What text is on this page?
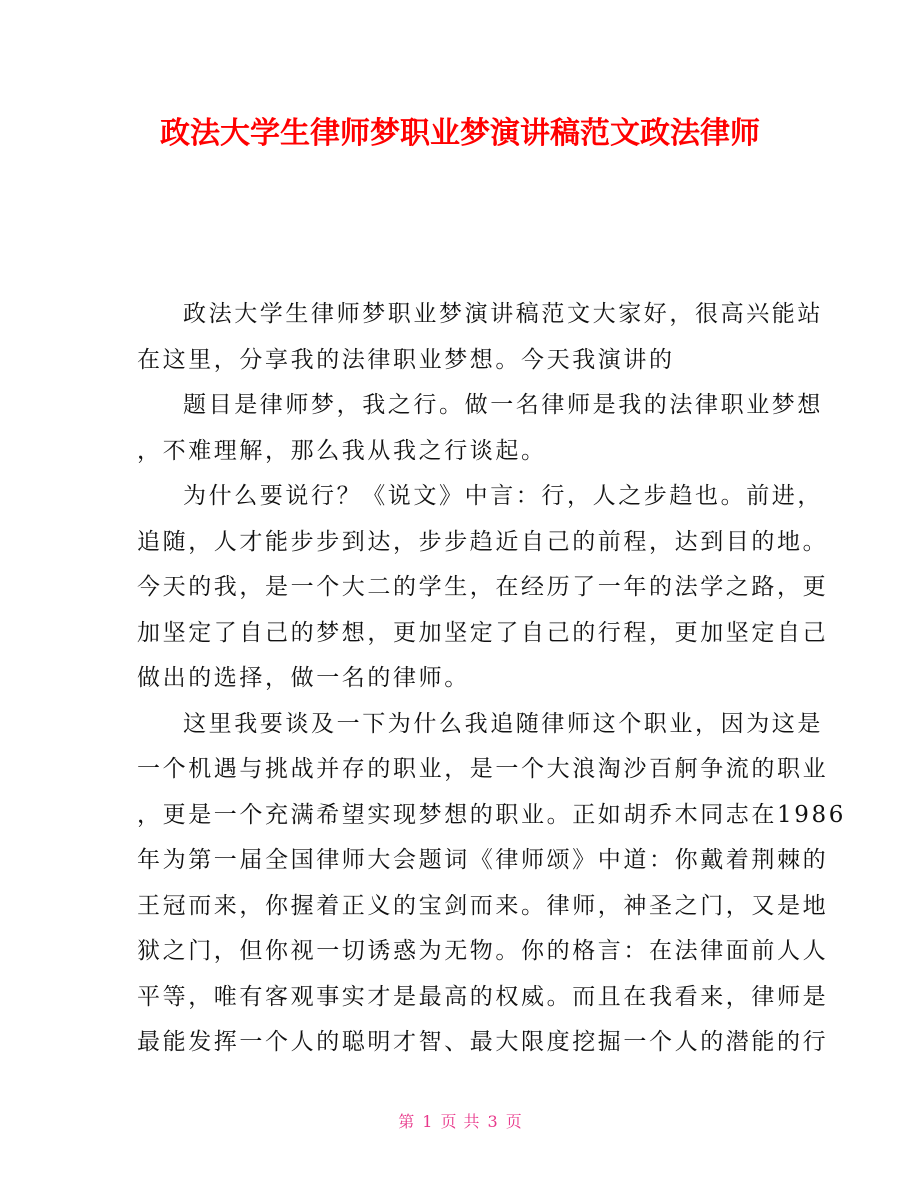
政法大学生律师梦职业梦演讲稿范文政法律师
政法大学生律师梦职业梦演讲稿范文大家好，很高兴能站
在这里，分享我的法律职业梦想。今天我演讲的
题目是律师梦，我之行。做一名律师是我的法律职业梦想
，不难理解，那么我从我之行谈起。
为什么要说行？《说文》中言：行，人之步趋也。前进，
追随，人才能步步到达，步步趋近自己的前程，达到目的地。
今天的我，是一个大二的学生，在经历了一年的法学之路，更
加坚定了自己的梦想，更加坚定了自己的行程，更加坚定自己
做出的选择，做一名的律师。
这里我要谈及一下为什么我追随律师这个职业，因为这是
一个机遇与挑战并存的职业，是一个大浪淘沙百舸争流的职业
，更是一个充满希望实现梦想的职业。正如胡乔木同志在1986
年为第一届全国律师大会题词《律师颂》中道：你戴着荆棘的
王冠而来，你握着正义的宝剑而来。律师，神圣之门，又是地
狱之门，但你视一切诱惑为无物。你的格言：在法律面前人人
平等，唯有客观事实才是最高的权威。而且在我看来，律师是
最能发挥一个人的聪明才智、最大限度挖掘一个人的潜能的行
第 1 页 共 3 页
